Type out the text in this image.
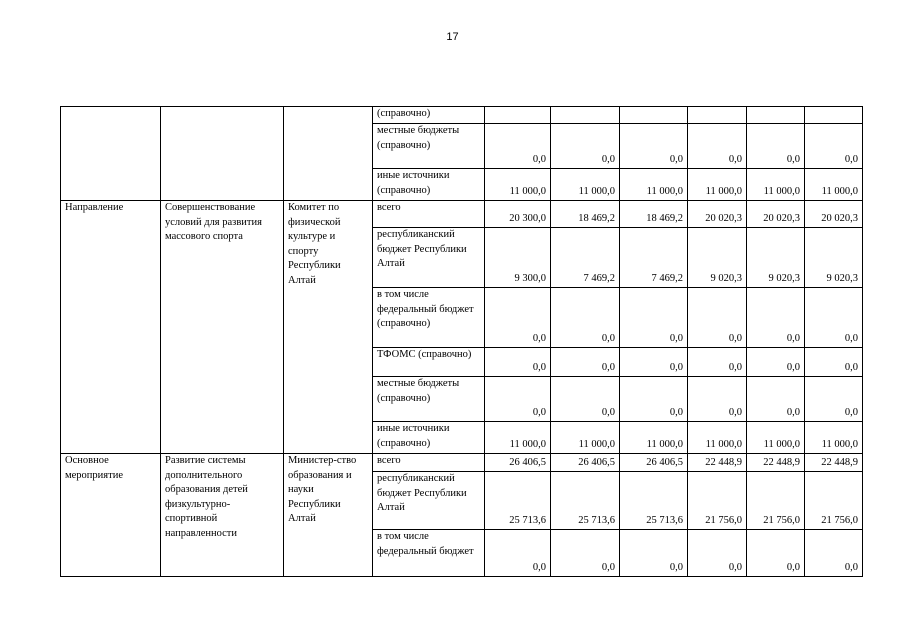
17
			(справочно)						
			местные бюджеты (справочно)	0,0	0,0	0,0	0,0	0,0	0,0
			иные источники (справочно)	11 000,0	11 000,0	11 000,0	11 000,0	11 000,0	11 000,0
Направление	Совершенствование условий для развития массового спорта	Комитет по физической культуре и спорту Республики Алтай	всего	20 300,0	18 469,2	18 469,2	20 020,3	20 020,3	20 020,3
			республиканский бюджет Республики Алтай	9 300,0	7 469,2	7 469,2	9 020,3	9 020,3	9 020,3
			в том числе федеральный бюджет (справочно)	0,0	0,0	0,0	0,0	0,0	0,0
			ТФОМС (справочно)	0,0	0,0	0,0	0,0	0,0	0,0
			местные бюджеты (справочно)	0,0	0,0	0,0	0,0	0,0	0,0
			иные источники (справочно)	11 000,0	11 000,0	11 000,0	11 000,0	11 000,0	11 000,0
Основное мероприятие	Развитие системы дополнительного образования детей физкультурно-спортивной направленности	Министер-ство образования и науки Республики Алтай	всего	26 406,5	26 406,5	26 406,5	22 448,9	22 448,9	22 448,9
			республиканский бюджет Республики Алтай	25 713,6	25 713,6	25 713,6	21 756,0	21 756,0	21 756,0
			в том числе федеральный бюджет	0,0	0,0	0,0	0,0	0,0	0,0
